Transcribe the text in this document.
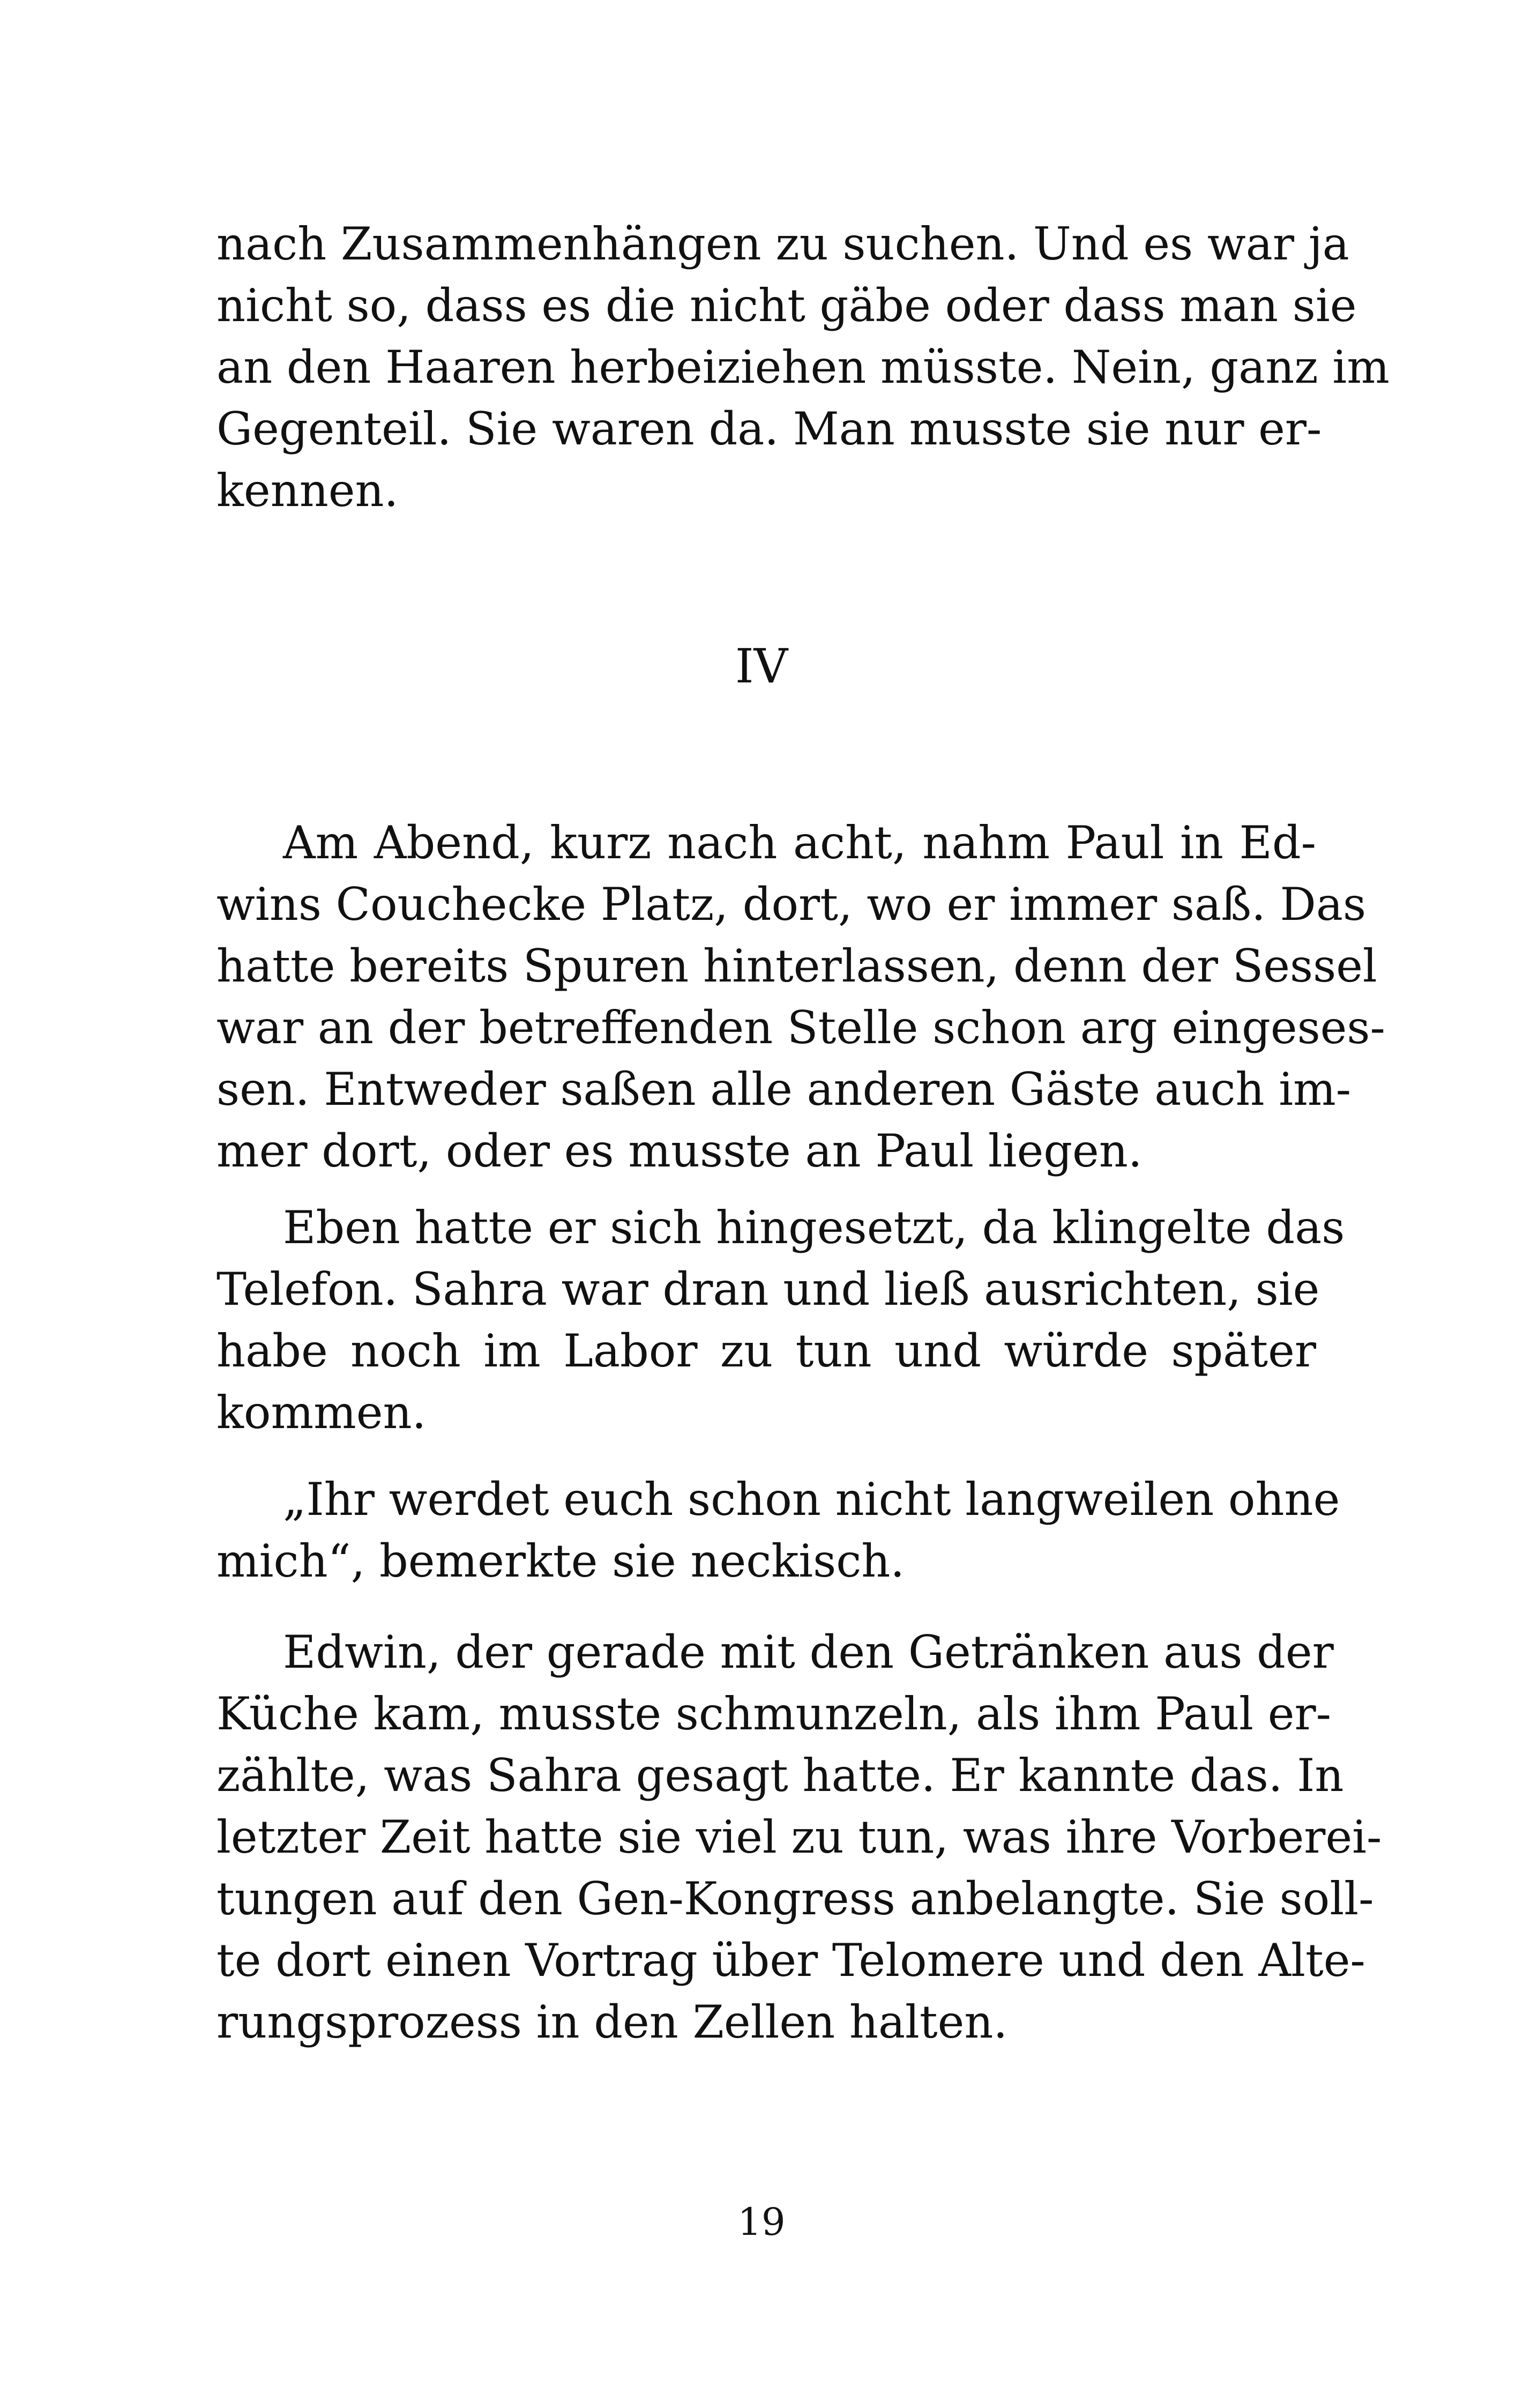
nach Zusammenhängen zu suchen. Und es war ja
nicht so, dass es die nicht gäbe oder dass man sie
an den Haaren herbeiziehen müsste. Nein, ganz im
Gegenteil. Sie waren da. Man musste sie nur er-
kennen.
IV
Am Abend, kurz nach acht, nahm Paul in Ed-
wins Couchecke Platz, dort, wo er immer saß. Das
hatte bereits Spuren hinterlassen, denn der Sessel
war an der betreffenden Stelle schon arg eingeses-
sen. Entweder saßen alle anderen Gäste auch im-
mer dort, oder es musste an Paul liegen.
Eben hatte er sich hingesetzt, da klingelte das
Telefon. Sahra war dran und ließ ausrichten, sie
habe noch im Labor zu tun und würde später
kommen.
„Ihr werdet euch schon nicht langweilen ohne
mich“, bemerkte sie neckisch.
Edwin, der gerade mit den Getränken aus der
Küche kam, musste schmunzeln, als ihm Paul er-
zählte, was Sahra gesagt hatte. Er kannte das. In
letzter Zeit hatte sie viel zu tun, was ihre Vorberei-
tungen auf den Gen-Kongress anbelangte. Sie soll-
te dort einen Vortrag über Telomere und den Alte-
rungsprozess in den Zellen halten.
19
